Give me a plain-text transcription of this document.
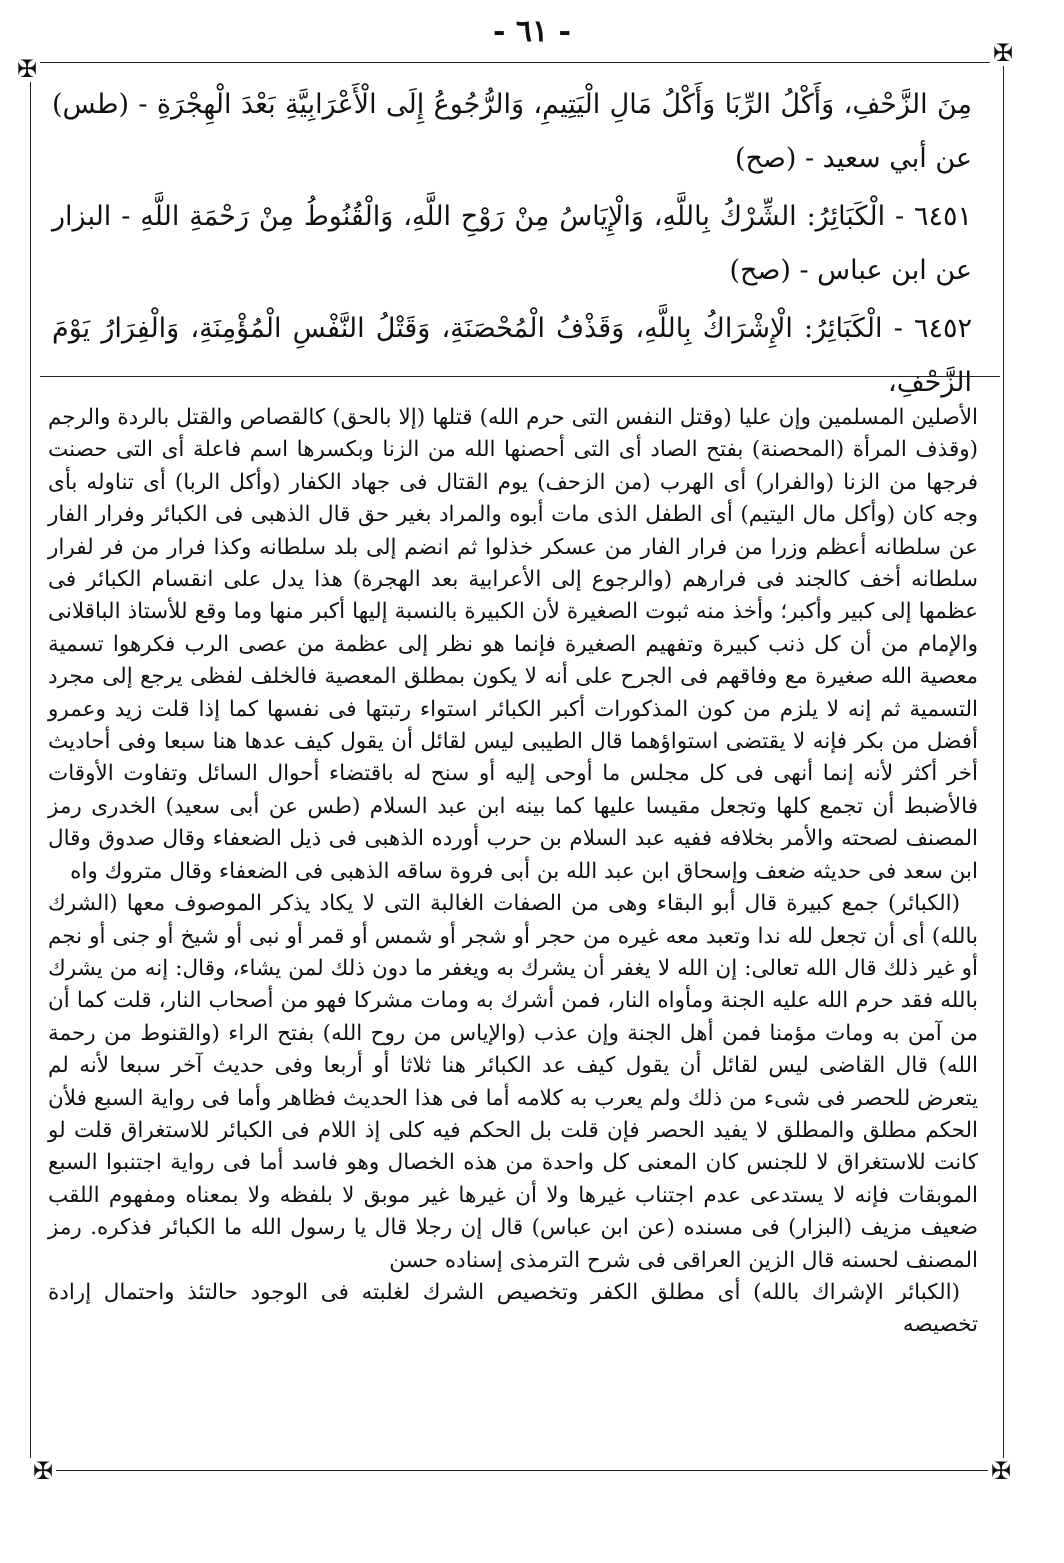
- ٦١ -
✠
✠
✠	✠

مِنَ الزَّحْفِ، وَأَكْلُ الرِّبَا وَأَكْلُ مَالِ الْيَتِيمِ، وَالرُّجُوعُ إِلَى الْأَعْرَابِيَّةِ بَعْدَ الْهِجْرَةِ - (طس) عن أبي سعيد - (صح)

٦٤٥١ - الْكَبَائِرُ: الشِّرْكُ بِاللَّهِ، وَالْإِيَاسُ مِنْ رَوْحِ اللَّهِ، وَالْقُنُوطُ مِنْ رَحْمَةِ اللَّهِ - البزار عن ابن عباس - (صح)

٦٤٥٢ - الْكَبَائِرُ: الْإِشْرَاكُ بِاللَّهِ، وَقَذْفُ الْمُحْصَنَةِ، وَقَتْلُ النَّفْسِ الْمُؤْمِنَةِ، وَالْفِرَارُ يَوْمَ الزَّحْفِ،

الأصلين المسلمين وإن عليا (وقتل النفس التى حرم الله) قتلها (إلا بالحق) كالقصاص والقتل بالردة والرجم (وقذف المرأة (المحصنة) بفتح الصاد أى التى أحصنها الله من الزنا وبكسرها اسم فاعلة أى التى حصنت فرجها من الزنا (والفرار) أى الهرب (من الزحف) يوم القتال فى جهاد الكفار (وأكل الربا) أى تناوله بأى وجه كان (وأكل مال اليتيم) أى الطفل الذى مات أبوه والمراد بغير حق قال الذهبى فى الكبائر وفرار الفار عن سلطانه أعظم وزرا من فرار الفار من عسكر خذلوا ثم انضم إلى بلد سلطانه وكذا فرار من فر لفرار سلطانه أخف كالجند فى فرارهم (والرجوع إلى الأعرابية بعد الهجرة) هذا يدل على انقسام الكبائر فى عظمها إلى كبير وأكبر؛ وأخذ منه ثبوت الصغيرة لأن الكبيرة بالنسبة إليها أكبر منها وما وقع للأستاذ الباقلانى والإمام من أن كل ذنب كبيرة وتفهيم الصغيرة فإنما هو نظر إلى عظمة من عصى الرب فكرهوا تسمية معصية الله صغيرة مع وفاقهم فى الجرح على أنه لا يكون بمطلق المعصية فالخلف لفظى يرجع إلى مجرد التسمية ثم إنه لا يلزم من كون المذكورات أكبر الكبائر استواء رتبتها فى نفسها كما إذا قلت زيد وعمرو أفضل من بكر فإنه لا يقتضى استواؤهما قال الطيبى ليس لقائل أن يقول كيف عدها هنا سبعا وفى أحاديث أخر أكثر لأنه إنما أنهى فى كل مجلس ما أوحى إليه أو سنح له باقتضاء أحوال السائل وتفاوت الأوقات فالأضبط أن تجمع كلها وتجعل مقيسا عليها كما بينه ابن عبد السلام (طس عن أبى سعيد) الخدرى رمز المصنف لصحته والأمر بخلافه ففيه عبد السلام بن حرب أورده الذهبى فى ذيل الضعفاء وقال صدوق وقال ابن سعد فى حديثه ضعف وإسحاق ابن عبد الله بن أبى فروة ساقه الذهبى فى الضعفاء وقال متروك واه

(الكبائر) جمع كبيرة قال أبو البقاء وهى من الصفات الغالبة التى لا يكاد يذكر الموصوف معها (الشرك بالله) أى أن تجعل لله ندا وتعبد معه غيره من حجر أو شجر أو شمس أو قمر أو نبى أو شيخ أو جنى أو نجم أو غير ذلك قال الله تعالى: إن الله لا يغفر أن يشرك به ويغفر ما دون ذلك لمن يشاء، وقال: إنه من يشرك بالله فقد حرم الله عليه الجنة ومأواه النار، فمن أشرك به ومات مشركا فهو من أصحاب النار، قلت كما أن من آمن به ومات مؤمنا فمن أهل الجنة وإن عذب (والإياس من روح الله) بفتح الراء (والقنوط من رحمة الله) قال القاضى ليس لقائل أن يقول كيف عد الكبائر هنا ثلاثا أو أربعا وفى حديث آخر سبعا لأنه لم يتعرض للحصر فى شىء من ذلك ولم يعرب به كلامه أما فى هذا الحديث فظاهر وأما فى رواية السبع فلأن الحكم مطلق والمطلق لا يفيد الحصر فإن قلت بل الحكم فيه كلى إذ اللام فى الكبائر للاستغراق قلت لو كانت للاستغراق لا للجنس كان المعنى كل واحدة من هذه الخصال وهو فاسد أما فى رواية اجتنبوا السبع الموبقات فإنه لا يستدعى عدم اجتناب غيرها ولا أن غيرها غير موبق لا بلفظه ولا بمعناه ومفهوم اللقب ضعيف مزيف (البزار) فى مسنده (عن ابن عباس) قال إن رجلا قال يا رسول الله ما الكبائر فذكره. رمز المصنف لحسنه قال الزين العراقى فى شرح الترمذى إسناده حسن

(الكبائر الإشراك بالله) أى مطلق الكفر وتخصيص الشرك لغلبته فى الوجود حالتئذ واحتمال إرادة تخصيصه
